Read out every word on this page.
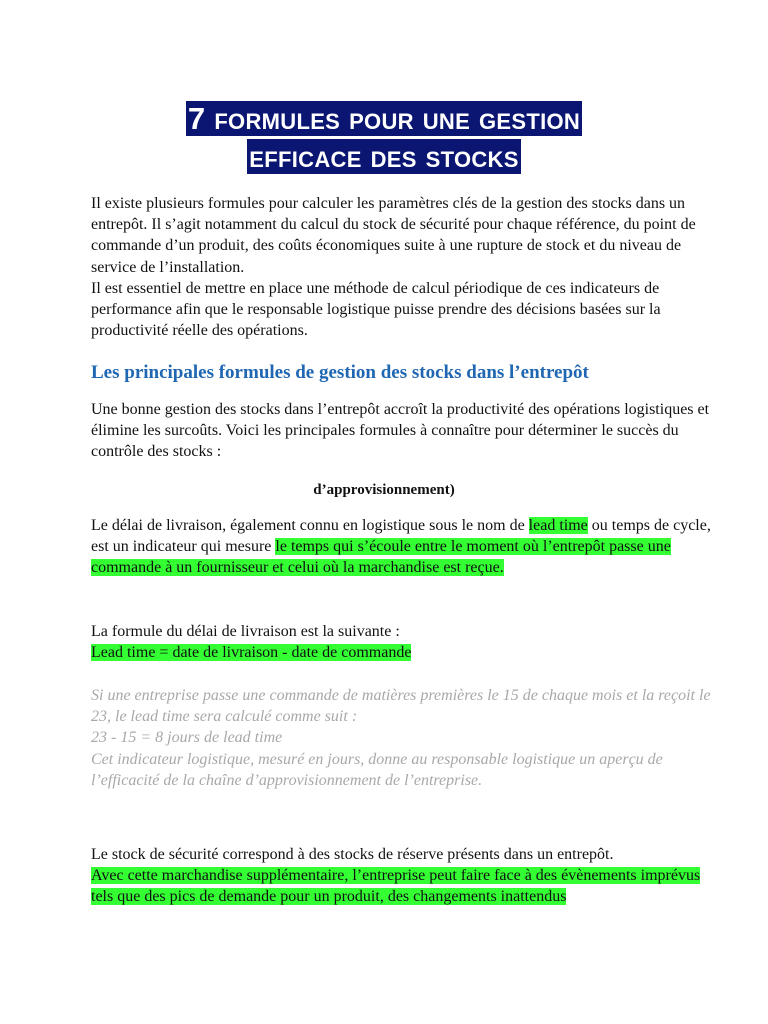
7 formules pour une gestion
efficace des stocks

Il existe plusieurs formules pour calculer les paramètres clés de la gestion des stocks dans un entrepôt. Il s’agit notamment du calcul du stock de sécurité pour chaque référence, du point de commande d’un produit, des coûts économiques suite à une rupture de stock et du niveau de service de l’installation.

Il est essentiel de mettre en place une méthode de calcul périodique de ces indicateurs de performance afin que le responsable logistique puisse prendre des décisions basées sur la productivité réelle des opérations.

Les principales formules de gestion des stocks dans l’entrepôt

Une bonne gestion des stocks dans l’entrepôt accroît la productivité des opérations logistiques et élimine les surcoûts. Voici les principales formules à connaître pour déterminer le succès du contrôle des stocks :

d’approvisionnement)

Le délai de livraison, également connu en logistique sous le nom de lead time ou temps de cycle, est un indicateur qui mesure le temps qui s’écoule entre le moment où l’entrepôt passe une commande à un fournisseur et celui où la marchandise est reçue.

La formule du délai de livraison est la suivante :

Lead time = date de livraison - date de commande

Si une entreprise passe une commande de matières premières le 15 de chaque mois et la reçoit le 23, le lead time sera calculé comme suit :

23 - 15 = 8 jours de lead time

Cet indicateur logistique, mesuré en jours, donne au responsable logistique un aperçu de l’efficacité de la chaîne d’approvisionnement de l’entreprise.

Le stock de sécurité correspond à des stocks de réserve présents dans un entrepôt.
Avec cette marchandise supplémentaire, l’entreprise peut faire face à des évènements imprévus tels que des pics de demande pour un produit, des changements inattendus
